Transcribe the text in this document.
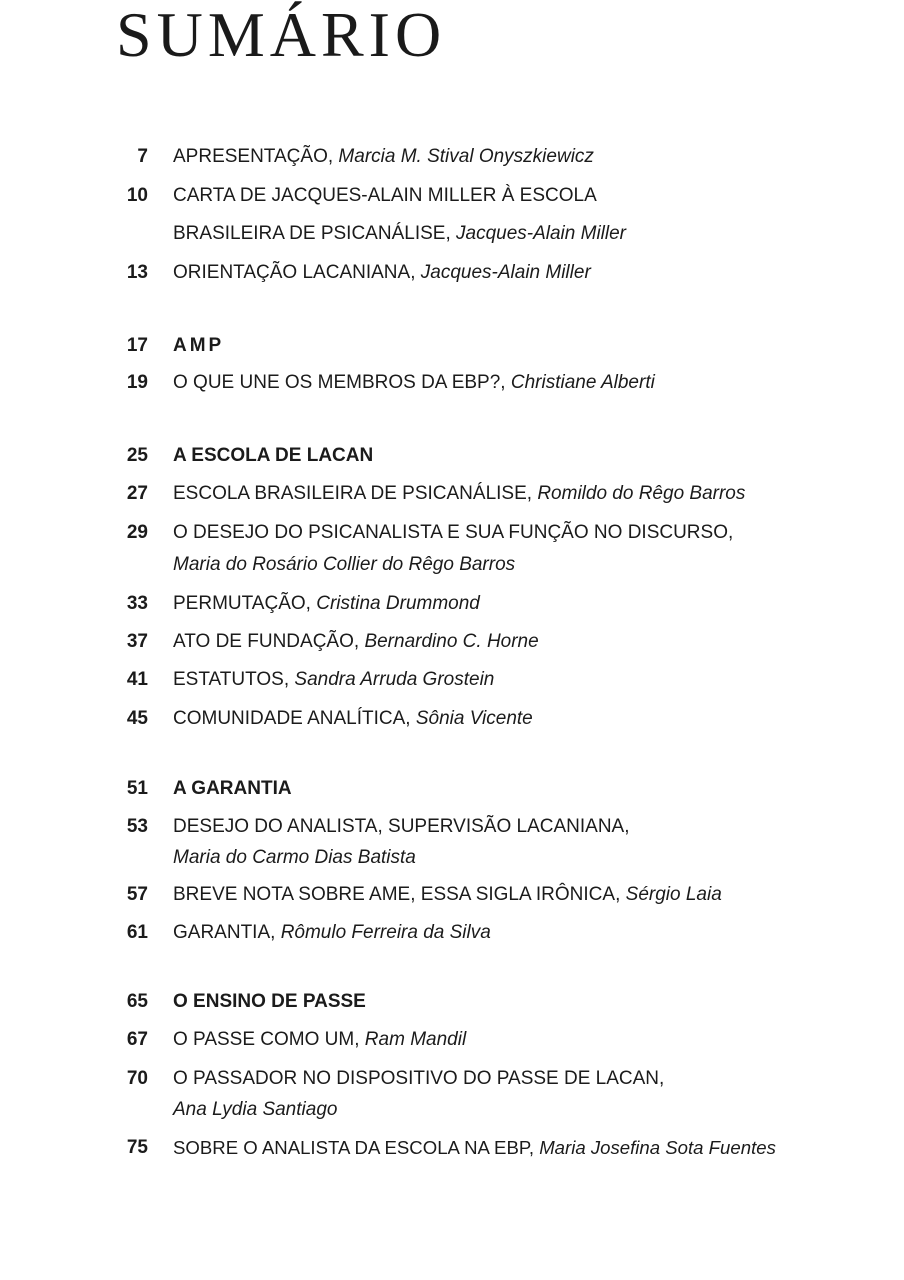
SUMÁRIO
7 APRESENTAÇÃO, Marcia M. Stival Onyszkiewicz
10 CARTA DE JACQUES-ALAIN MILLER À ESCOLA
BRASILEIRA DE PSICANÁLISE, Jacques-Alain Miller
13 ORIENTAÇÃO LACANIANA, Jacques-Alain Miller
17 AMP
19 O QUE UNE OS MEMBROS DA EBP?, Christiane Alberti
25 A ESCOLA DE LACAN
27 ESCOLA BRASILEIRA DE PSICANÁLISE, Romildo do Rêgo Barros
29 O DESEJO DO PSICANALISTA E SUA FUNÇÃO NO DISCURSO,
Maria do Rosário Collier do Rêgo Barros
33 PERMUTAÇÃO, Cristina Drummond
37 ATO DE FUNDAÇÃO, Bernardino C. Horne
41 ESTATUTOS, Sandra Arruda Grostein
45 COMUNIDADE ANALÍTICA, Sônia Vicente
51 A GARANTIA
53 DESEJO DO ANALISTA, SUPERVISÃO LACANIANA,
Maria do Carmo Dias Batista
57 BREVE NOTA SOBRE AME, ESSA SIGLA IRÔNICA, Sérgio Laia
61 GARANTIA, Rômulo Ferreira da Silva
65 O ENSINO DE PASSE
67 O PASSE COMO UM, Ram Mandil
70 O PASSADOR NO DISPOSITIVO DO PASSE DE LACAN,
Ana Lydia Santiago
75 SOBRE O ANALISTA DA ESCOLA NA EBP, Maria Josefina Sota Fuentes
